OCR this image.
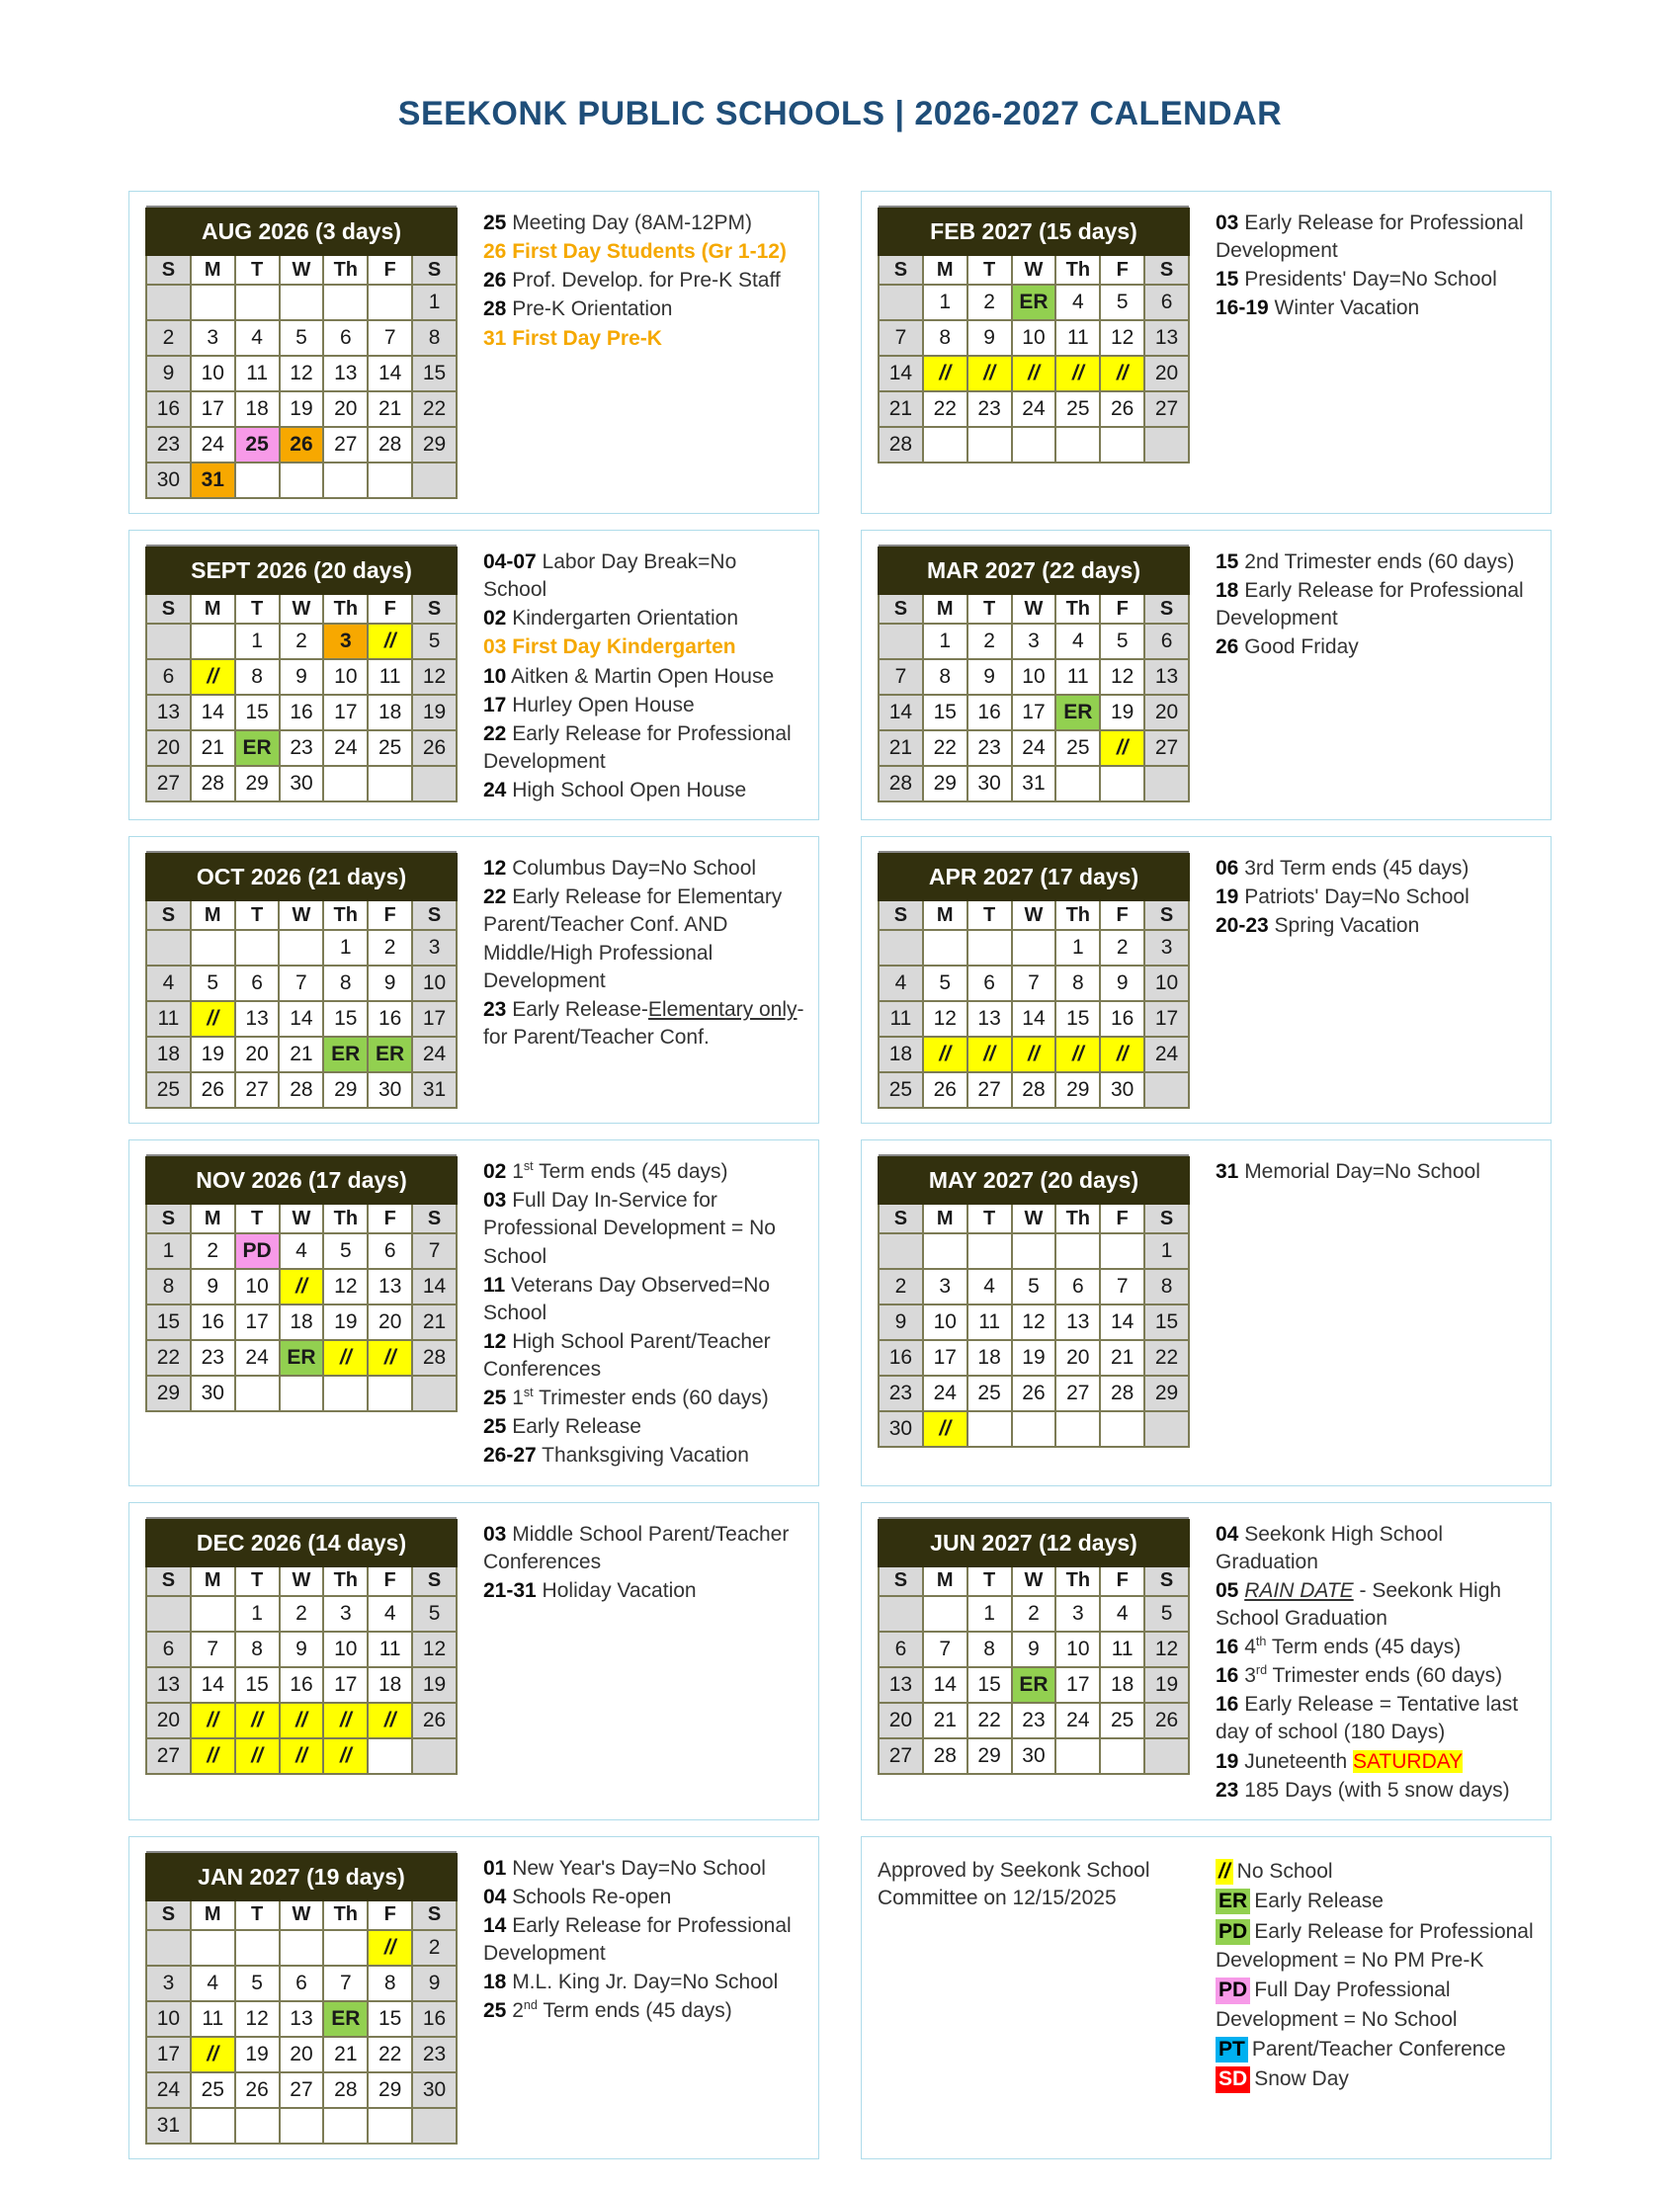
SEEKONK PUBLIC SCHOOLS | 2026-2027 CALENDAR
AUG 2026 (3 days)						
S	M	T	W	Th	F	S
						1
2	3	4	5	6	7	8
9	10	11	12	13	14	15
16	17	18	19	20	21	22
23	24	25	26	27	28	29
30	31					
25 Meeting Day (8AM-12PM)
26 First Day Students (Gr 1-12)
26 Prof. Develop. for Pre-K Staff
28 Pre-K Orientation
31 First Day Pre-K
FEB 2027 (15 days)						
S	M	T	W	Th	F	S
	1	2	ER	4	5	6
7	8	9	10	11	12	13
14	//	//	//	//	//	20
21	22	23	24	25	26	27
28						
03 Early Release for Professional Development
15 Presidents' Day=No School
16-19 Winter Vacation
SEPT 2026 (20 days)						
S	M	T	W	Th	F	S
		1	2	3	//	5
6	//	8	9	10	11	12
13	14	15	16	17	18	19
20	21	ER	23	24	25	26
27	28	29	30			
04-07 Labor Day Break=No School
02 Kindergarten Orientation
03 First Day Kindergarten
10 Aitken & Martin Open House
17 Hurley Open House
22 Early Release for Professional Development
24 High School Open House
MAR 2027 (22 days)						
S	M	T	W	Th	F	S
	1	2	3	4	5	6
7	8	9	10	11	12	13
14	15	16	17	ER	19	20
21	22	23	24	25	//	27
28	29	30	31			
15 2nd Trimester ends (60 days)
18 Early Release for Professional Development
26 Good Friday
OCT 2026 (21 days)						
S	M	T	W	Th	F	S
				1	2	3
4	5	6	7	8	9	10
11	//	13	14	15	16	17
18	19	20	21	ER	ER	24
25	26	27	28	29	30	31
12 Columbus Day=No School
22 Early Release for Elementary Parent/Teacher Conf. AND Middle/High Professional Development
23 Early Release-Elementary only-for Parent/Teacher Conf.
APR 2027 (17 days)						
S	M	T	W	Th	F	S
				1	2	3
4	5	6	7	8	9	10
11	12	13	14	15	16	17
18	//	//	//	//	//	24
25	26	27	28	29	30	
06 3rd Term ends (45 days)
19 Patriots' Day=No School
20-23 Spring Vacation
NOV 2026 (17 days)						
S	M	T	W	Th	F	S
1	2	PD	4	5	6	7
8	9	10	//	12	13	14
15	16	17	18	19	20	21
22	23	24	ER	//	//	28
29	30					
02 1st Term ends (45 days)
03 Full Day In-Service for Professional Development = No School
11 Veterans Day Observed=No School
12 High School Parent/Teacher Conferences
25 1st Trimester ends (60 days)
25 Early Release
26-27 Thanksgiving Vacation
MAY 2027 (20 days)						
S	M	T	W	Th	F	S
						1
2	3	4	5	6	7	8
9	10	11	12	13	14	15
16	17	18	19	20	21	22
23	24	25	26	27	28	29
30	//					
31 Memorial Day=No School
DEC 2026 (14 days)						
S	M	T	W	Th	F	S
		1	2	3	4	5
6	7	8	9	10	11	12
13	14	15	16	17	18	19
20	//	//	//	//	//	26
27	//	//	//	//		
03 Middle School Parent/Teacher Conferences
21-31 Holiday Vacation
JUN 2027 (12 days)						
S	M	T	W	Th	F	S
		1	2	3	4	5
6	7	8	9	10	11	12
13	14	15	ER	17	18	19
20	21	22	23	24	25	26
27	28	29	30			
04 Seekonk High School Graduation
05 RAIN DATE - Seekonk High School Graduation
16 4th Term ends (45 days)
16 3rd Trimester ends (60 days)
16 Early Release = Tentative last day of school (180 Days)
19 Juneteenth SATURDAY
23 185 Days (with 5 snow days)
JAN 2027 (19 days)						
S	M	T	W	Th	F	S
					//	2
3	4	5	6	7	8	9
10	11	12	13	ER	15	16
17	//	19	20	21	22	23
24	25	26	27	28	29	30
31						
01 New Year's Day=No School
04 Schools Re-open
14 Early Release for Professional Development
18 M.L. King Jr. Day=No School
25 2nd Term ends (45 days)
Approved by Seekonk School Committee on 12/15/2025
// No School
ER Early Release
PD Early Release for Professional Development = No PM Pre-K
PD Full Day Professional Development = No School
PT Parent/Teacher Conference
SD Snow Day
